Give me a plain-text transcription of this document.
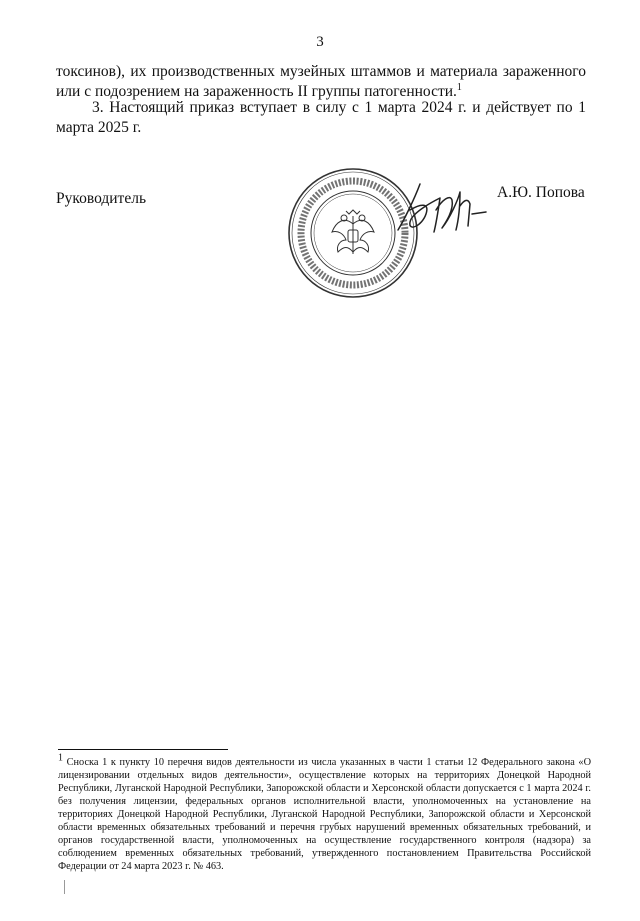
3
токсинов), их производственных музейных штаммов и материала зараженного или с подозрением на зараженность II группы патогенности.$^1$
3. Настоящий приказ вступает в силу с 1 марта 2024 г. и действует по 1 марта 2025 г.
Руководитель	А.Ю. Попова
1 Сноска 1 к пункту 10 перечня видов деятельности из числа указанных в части 1 статьи 12 Федерального закона «О лицензировании отдельных видов деятельности», осуществление которых на территориях Донецкой Народной Республики, Луганской Народной Республики, Запорожской области и Херсонской области допускается с 1 марта 2024 г. без получения лицензии, федеральных органов исполнительной власти, уполномоченных на установление на территориях Донецкой Народной Республики, Луганской Народной Республики, Запорожской области и Херсонской области временных обязательных требований и перечня грубых нарушений временных обязательных требований, и органов государственной власти, уполномоченных на осуществление государственного контроля (надзора) за соблюдением временных обязательных требований, утвержденного постановлением Правительства Российской Федерации от 24 марта 2023 г. № 463.
